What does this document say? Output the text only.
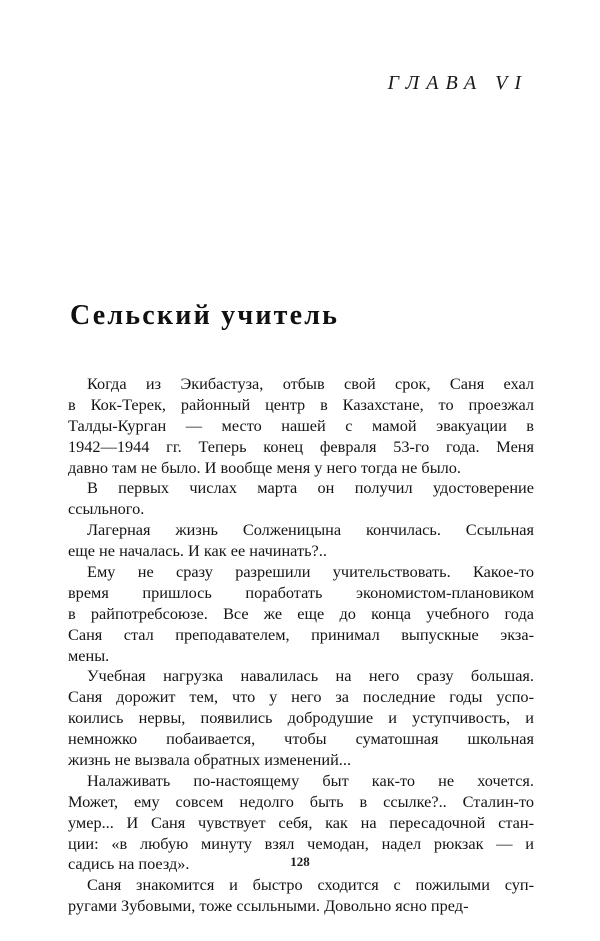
ГЛАВА VI
Сельский учитель
Когда из Экибастуза, отбыв свой срок, Саня ехал
в Кок-Терек, районный центр в Казахстане, то проезжал
Талды-Курган — место нашей с мамой эвакуации в
1942—1944 гг. Теперь конец февраля 53-го года. Меня
давно там не было. И вообще меня у него тогда не было.
В первых числах марта он получил удостоверение
ссыльного.
Лагерная жизнь Солженицына кончилась. Ссыльная
еще не началась. И как ее начинать?..
Ему не сразу разрешили учительствовать. Какое-то
время пришлось поработать экономистом-плановиком
в райпотребсоюзе. Все же еще до конца учебного года
Саня стал преподавателем, принимал выпускные экза-
мены.
Учебная нагрузка навалилась на него сразу большая.
Саня дорожит тем, что у него за последние годы успо-
коились нервы, появились добродушие и уступчивость, и
немножко побаивается, чтобы суматошная школьная
жизнь не вызвала обратных изменений...
Налаживать по-настоящему быт как-то не хочется.
Может, ему совсем недолго быть в ссылке?.. Сталин-то
умер... И Саня чувствует себя, как на пересадочной стан-
ции: «в любую минуту взял чемодан, надел рюкзак — и
садись на поезд».
Саня знакомится и быстро сходится с пожилыми суп-
ругами Зубовыми, тоже ссыльными. Довольно ясно пред-
128
